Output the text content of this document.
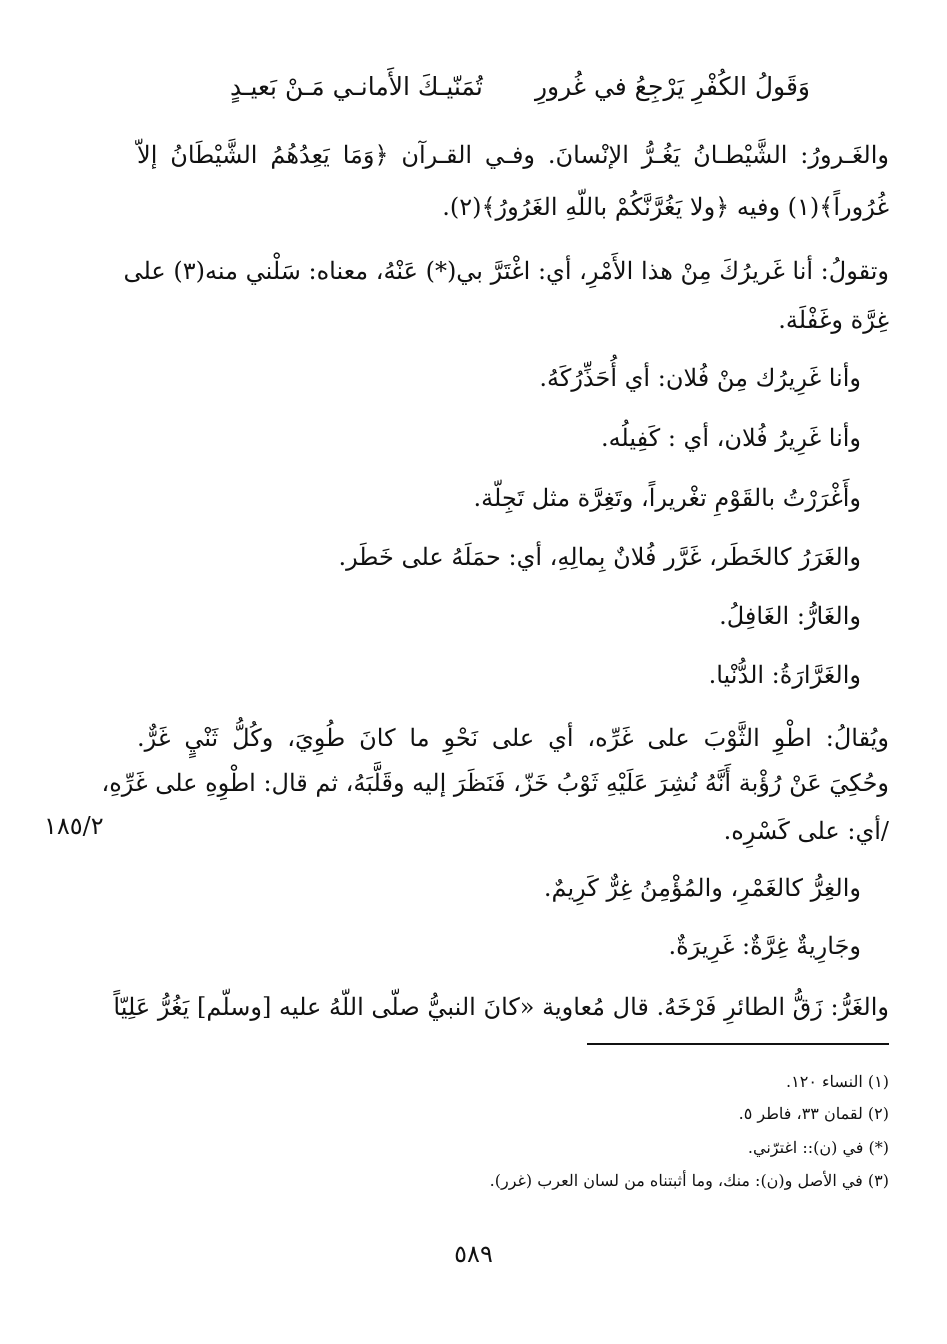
وَقَولُ الكُفْرِ يَرْجِعُ في غُرورِ
تُمَنّيـكَ الأَمانـي مَـنْ بَعيـدٍ
والغَـرورُ: الشَّيْطـانُ يَغُـرُّ الإنْسانَ. وفـي القـرآن ﴿وَمَا يَعِدُهُمُ الشَّيْطَانُ إلاّ
غُرُوراً﴾(١) وفيه ﴿ولا يَغُرَّنَّكُمْ باللّهِ الغَرُورُ﴾(٢).
وتقولُ: أنا غَريرُكَ مِنْ هذا الأَمْرِ، أي: اغْتَرَّ بي(*) عَنْهُ، معناه: سَلْني منه(٣) على
غِرَّة وغَفْلَة.
وأنا غَرِيرُك مِنْ فُلان: أي أُحَذِّرُكَهُ.
وأنا غَرِيرُ فُلان، أي : كَفِيلُه.
وأَغْرَرْتُ بالقَوْمِ تغْريراً، وتَغِرَّة مثل تَجِلّة.
والغَرَرُ كالخَطَر، غَرَّر فُلانٌ بِمالِهِ، أي: حمَلَهُ على خَطَر.
والغَارُّ: الغَافِلُ.
والغَرَّارَةُ: الدُّنْيا.
ويُقالُ: اطْوِ الثَّوْبَ على غَرِّه، أي على نَحْوِ ما كانَ طُوِيَ، وكُلُّ ثَنْيٍ غَرٌّ.
وحُكِيَ عَنْ رُؤْبة أَنَّهُ نُشِرَ عَلَيْهِ ثَوْبُ خَزّ، فَنَظَرَ إليه وقَلَّبَهُ، ثم قال: اطْوِهِ على غَرِّهِ،
/أي: على كَسْرِه.
١٨٥/٢
والغِرُّ كالغَمْرِ، والمُؤْمِنُ غِرٌّ كَرِيمٌ.
وجَارِيةٌ غِرَّةٌ: غَرِيرَةٌ.
والغَرُّ: زَقُّ الطائرِ فَرْخَهُ. قال مُعاوية «كانَ النبيُّ صلّى اللّهُ عليه [وسلّم] يَغُرُّ عَلِيّاً
(١) النساء ١٢٠.
(٢) لقمان ٣٣، فاطر ٥.
(*) في (ن):: اغترّني.
(٣) في الأصل و(ن): منك، وما أثبتناه من لسان العرب (غرر).
٥٨٩
